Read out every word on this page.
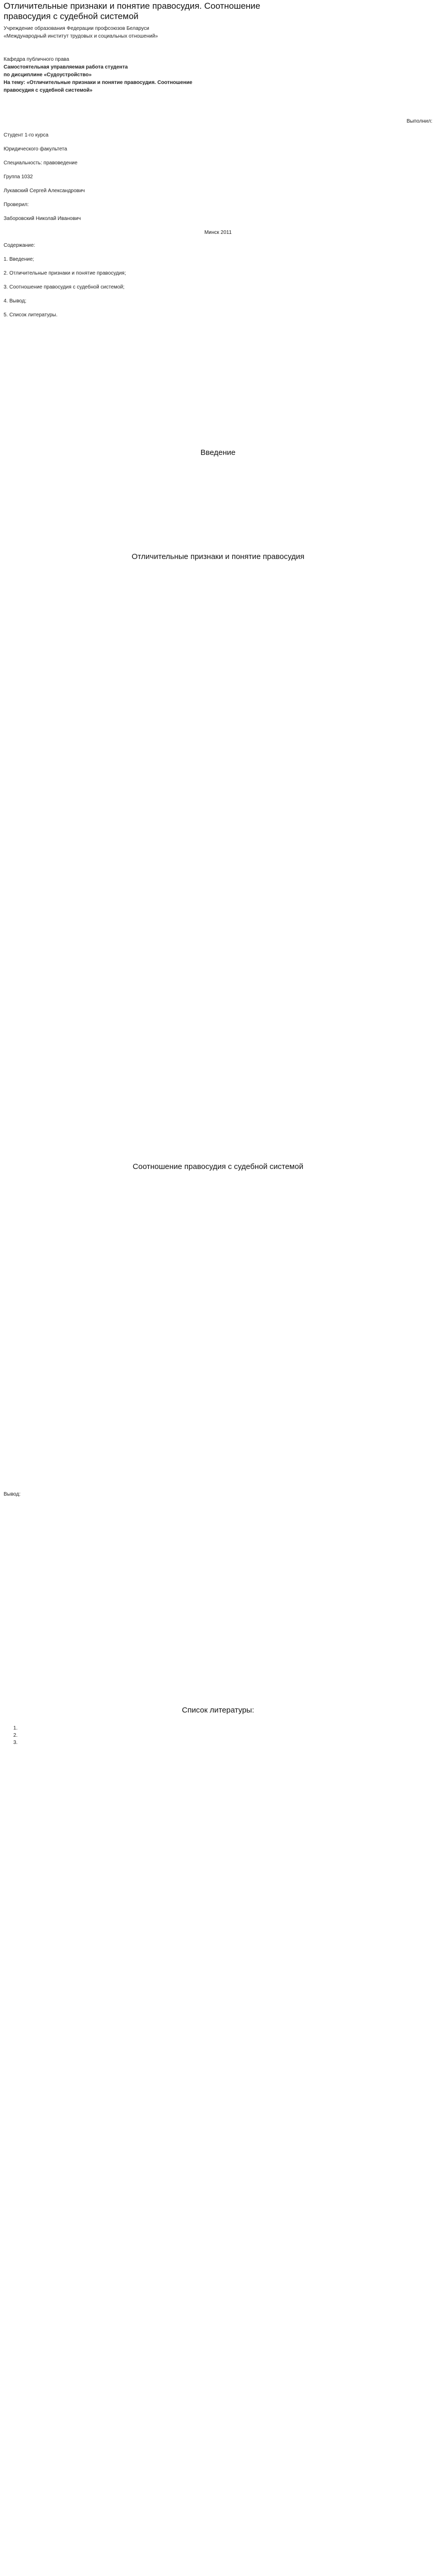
Отличительные признаки и понятие правосудия. Соотношение
правосудия с судебной системой

Учреждение образования Федерации профсоюзов Беларуси

«Международный институт трудовых и социальных отношений»

Кафедра публичного права

Самостоятельная управляемая работа студента

по дисциплине «Судоустройство»

На тему: «Отличительные признаки и понятие правосудия. Соотношение

правосудия с судебной системой»

Выполнил:

Студент 1-го курса

Юридического факультета

Специальность: правоведение

Группа 1032

Лукавский Сергей Александрович

Проверил:

Заборовский Николай Иванович

Минск 2011

Содержание:

1. Введение;

2. Отличительные признаки и понятие правосудия;

3. Соотношение правосудия с судебной системой;

4. Вывод;

5. Список литературы.

Введение

Отличительные признаки и понятие правосудия

Соотношение правосудия с судебной системой

Вывод:

Список литературы:
1.
2.
3.
